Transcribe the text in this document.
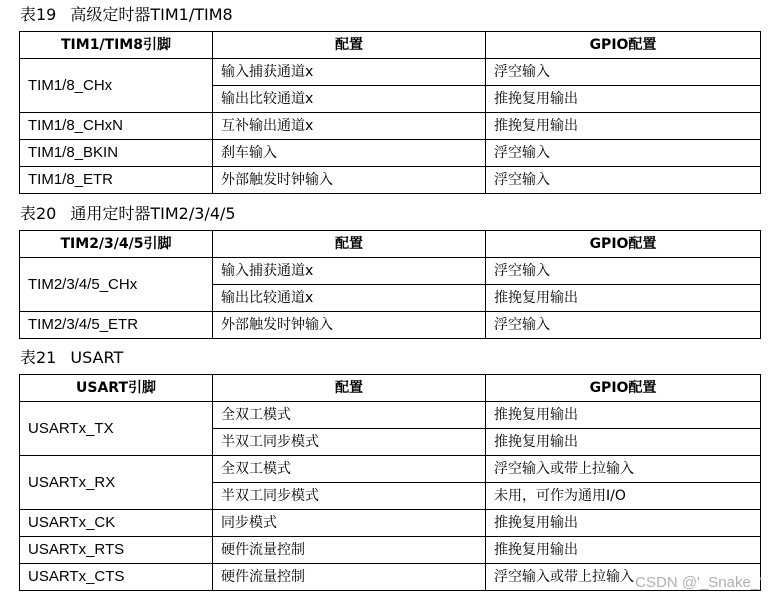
表19 高级定时器TIM1/TIM8
TIM1/TIM8引脚	配置	GPIO配置
TIM1/8_CHx	输入捕获通道x	浮空输入
	输出比较通道x	推挽复用输出
TIM1/8_CHxN	互补输出通道x	推挽复用输出
TIM1/8_BKIN	刹车输入	浮空输入
TIM1/8_ETR	外部触发时钟输入	浮空输入
表20 通用定时器TIM2/3/4/5
TIM2/3/4/5引脚	配置	GPIO配置
TIM2/3/4/5_CHx	输入捕获通道x	浮空输入
	输出比较通道x	推挽复用输出
TIM2/3/4/5_ETR	外部触发时钟输入	浮空输入
表21 USART
USART引脚	配置	GPIO配置
USARTx_TX	全双工模式	推挽复用输出
	半双工同步模式	推挽复用输出
USARTx_RX	全双工模式	浮空输入或带上拉输入
	半双工同步模式	未用，可作为通用I/O
USARTx_CK	同步模式	推挽复用输出
USARTx_RTS	硬件流量控制	推挽复用输出
USARTx_CTS	硬件流量控制	浮空输入或带上拉输入 CSDN @'_Snake_'
